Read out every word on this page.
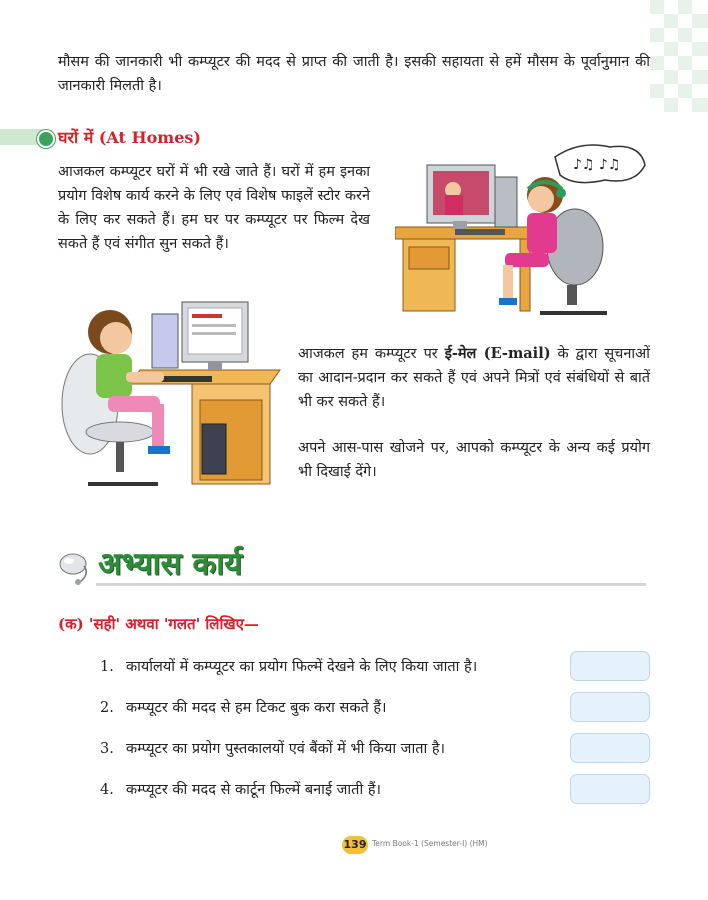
मौसम की जानकारी भी कम्प्यूटर की मदद से प्राप्त की जाती है। इसकी सहायता से हमें मौसम के पूर्वानुमान की जानकारी मिलती है।
घरों में (At Homes)
आजकल कम्प्यूटर घरों में भी रखे जाते हैं। घरों में हम इनका प्रयोग विशेष कार्य करने के लिए एवं विशेष फाइलें स्टोर करने के लिए कर सकते हैं। हम घर पर कम्प्यूटर पर फिल्म देख सकते हैं एवं संगीत सुन सकते हैं।
♪♫ ♪♫
आजकल हम कम्प्यूटर पर ई-मेल (E-mail) के द्वारा सूचनाओं का आदान-प्रदान कर सकते हैं एवं अपने मित्रों एवं संबंधियों से बातें भी कर सकते हैं।
अपने आस-पास खोजने पर, आपको कम्प्यूटर के अन्य कई प्रयोग भी दिखाई देंगे।
अभ्यास कार्य
(क) 'सही' अथवा 'गलत' लिखिए—
1. कार्यालयों में कम्प्यूटर का प्रयोग फिल्में देखने के लिए किया जाता है।
2. कम्प्यूटर की मदद से हम टिकट बुक करा सकते हैं।
3. कम्प्यूटर का प्रयोग पुस्तकालयों एवं बैंकों में भी किया जाता है।
4. कम्प्यूटर की मदद से कार्टून फिल्में बनाई जाती हैं।
139 Term Book-1 (Semester-I) (HM)
